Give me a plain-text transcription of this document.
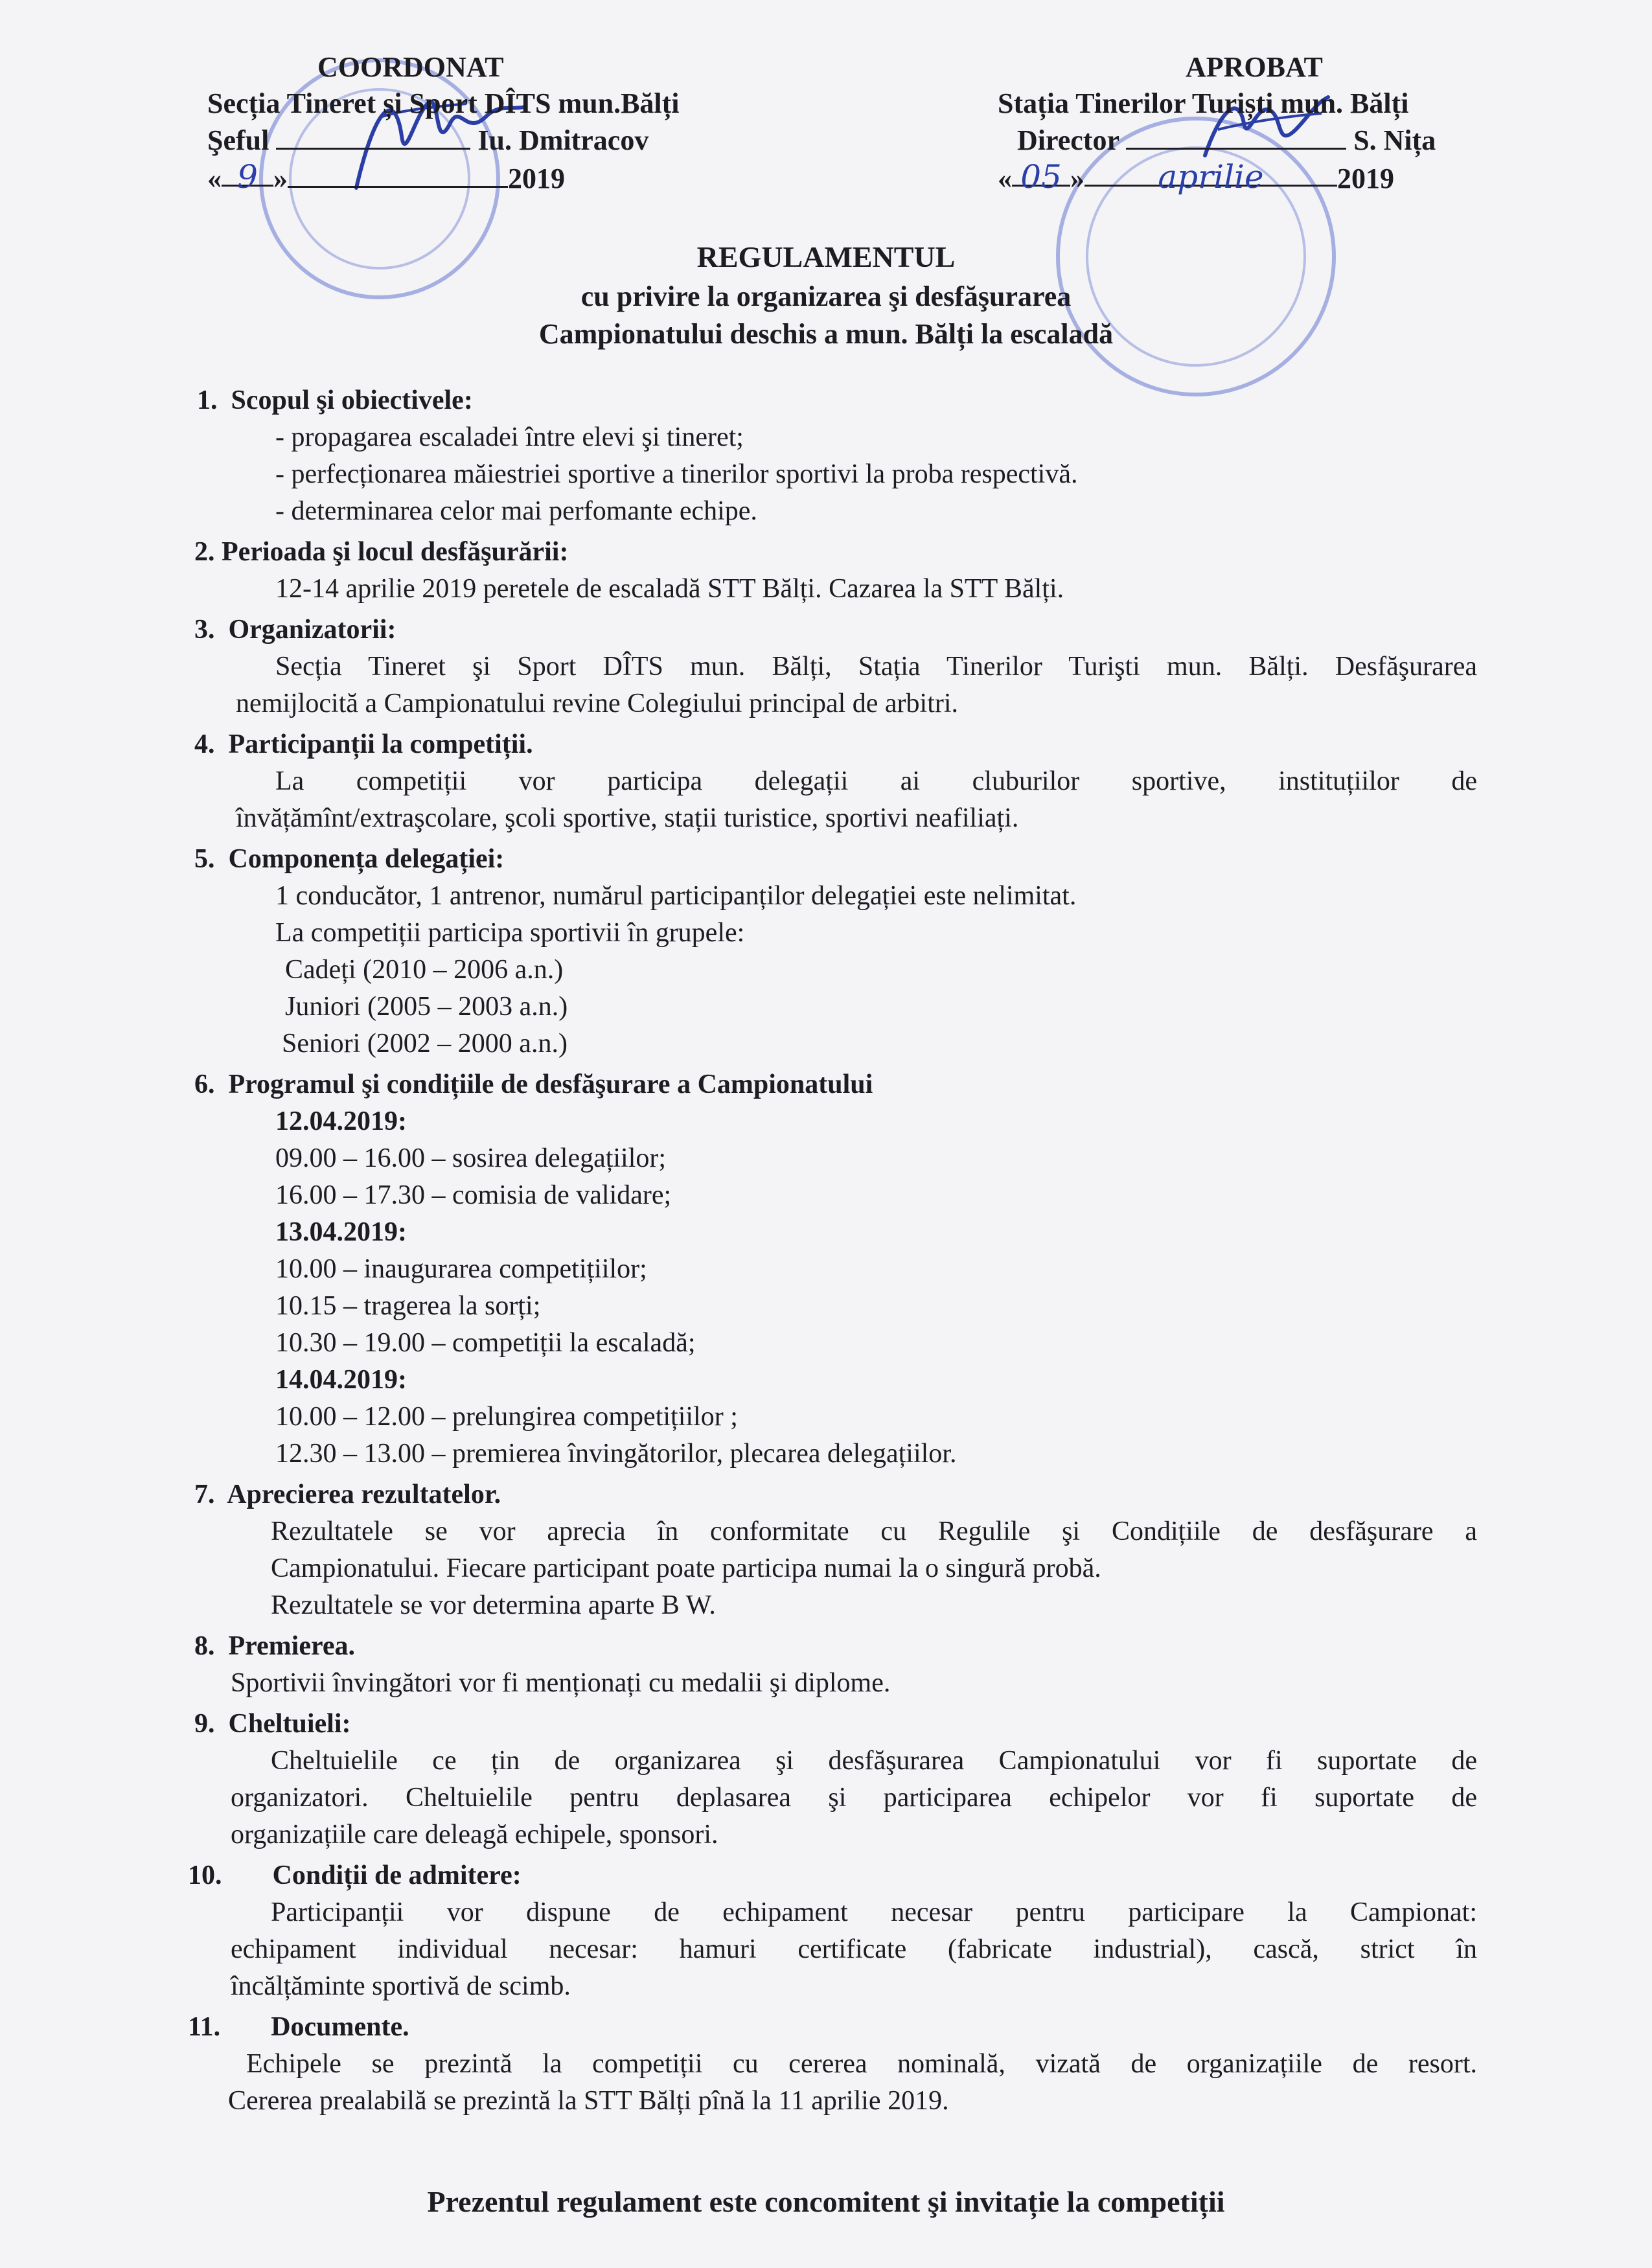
COORDONAT
Secția Tineret și Sport DÎTS mun.Bălți
Şeful	Iu. Dmitracov
« 9 »	2019
APROBAT
Stația Tinerilor Turiști mun. Bălți
Director	S. Nița
« 05 » aprilie	2019
REGULAMENTUL
cu privire la organizarea şi desfăşurarea
Campionatului deschis a mun. Bălți la escaladă
1. Scopul şi obiectivele:
- propagarea escaladei între elevi şi tineret;
- perfecționarea măiestriei sportive a tinerilor sportivi la proba respectivă.
- determinarea celor mai perfomante echipe.
2. Perioada şi locul desfăşurării:
12-14 aprilie 2019 peretele de escaladă STT Bălți. Cazarea la STT Bălți.
3. Organizatorii:
Secția Tineret şi Sport DÎTS mun. Bălți, Stația Tinerilor Turişti mun. Bălți. Desfăşurarea
nemijlocită a Campionatului revine Colegiului principal de arbitri.
4. Participanții la competiții.
La competiții vor participa delegații ai cluburilor sportive, instituțiilor de
învățămînt/extraşcolare, şcoli sportive, stații turistice, sportivi neafiliați.
5. Componența delegației:
1 conducător, 1 antrenor, numărul participanților delegației este nelimitat.
La competiții participa sportivii în grupele:
Cadeți (2010 – 2006 a.n.)
Juniori (2005 – 2003 a.n.)
Seniori (2002 – 2000 a.n.)
6. Programul şi condițiile de desfăşurare a Campionatului
12.04.2019:
09.00 – 16.00 – sosirea delegațiilor;
16.00 – 17.30 – comisia de validare;
13.04.2019:
10.00 – inaugurarea competițiilor;
10.15 – tragerea la sorți;
10.30 – 19.00 – competiții la escaladă;
14.04.2019:
10.00 – 12.00 – prelungirea competițiilor ;
12.30 – 13.00 – premierea învingătorilor, plecarea delegațiilor.
7. Aprecierea rezultatelor.
Rezultatele se vor aprecia în conformitate cu Regulile şi Condițiile de desfăşurare a
Campionatului. Fiecare participant poate participa numai la o singură probă.
Rezultatele se vor determina aparte B W.
8. Premierea.
Sportivii învingători vor fi menționați cu medalii şi diplome.
9. Cheltuieli:
Cheltuielile ce țin de organizarea şi desfăşurarea Campionatului vor fi suportate de
organizatori. Cheltuielile pentru deplasarea şi participarea echipelor vor fi suportate de
organizațiile care deleagă echipele, sponsori.
10. Condiții de admitere:
Participanții vor dispune de echipament necesar pentru participare la Campionat:
echipament individual necesar: hamuri certificate (fabricate industrial), cască, strict în
încălțăminte sportivă de scimb.
11. Documente.
Echipele se prezintă la competiții cu cererea nominală, vizată de organizațiile de resort.
Cererea prealabilă se prezintă la STT Bălți pînă la 11 aprilie 2019.
Prezentul regulament este concomitent şi invitație la competiții
